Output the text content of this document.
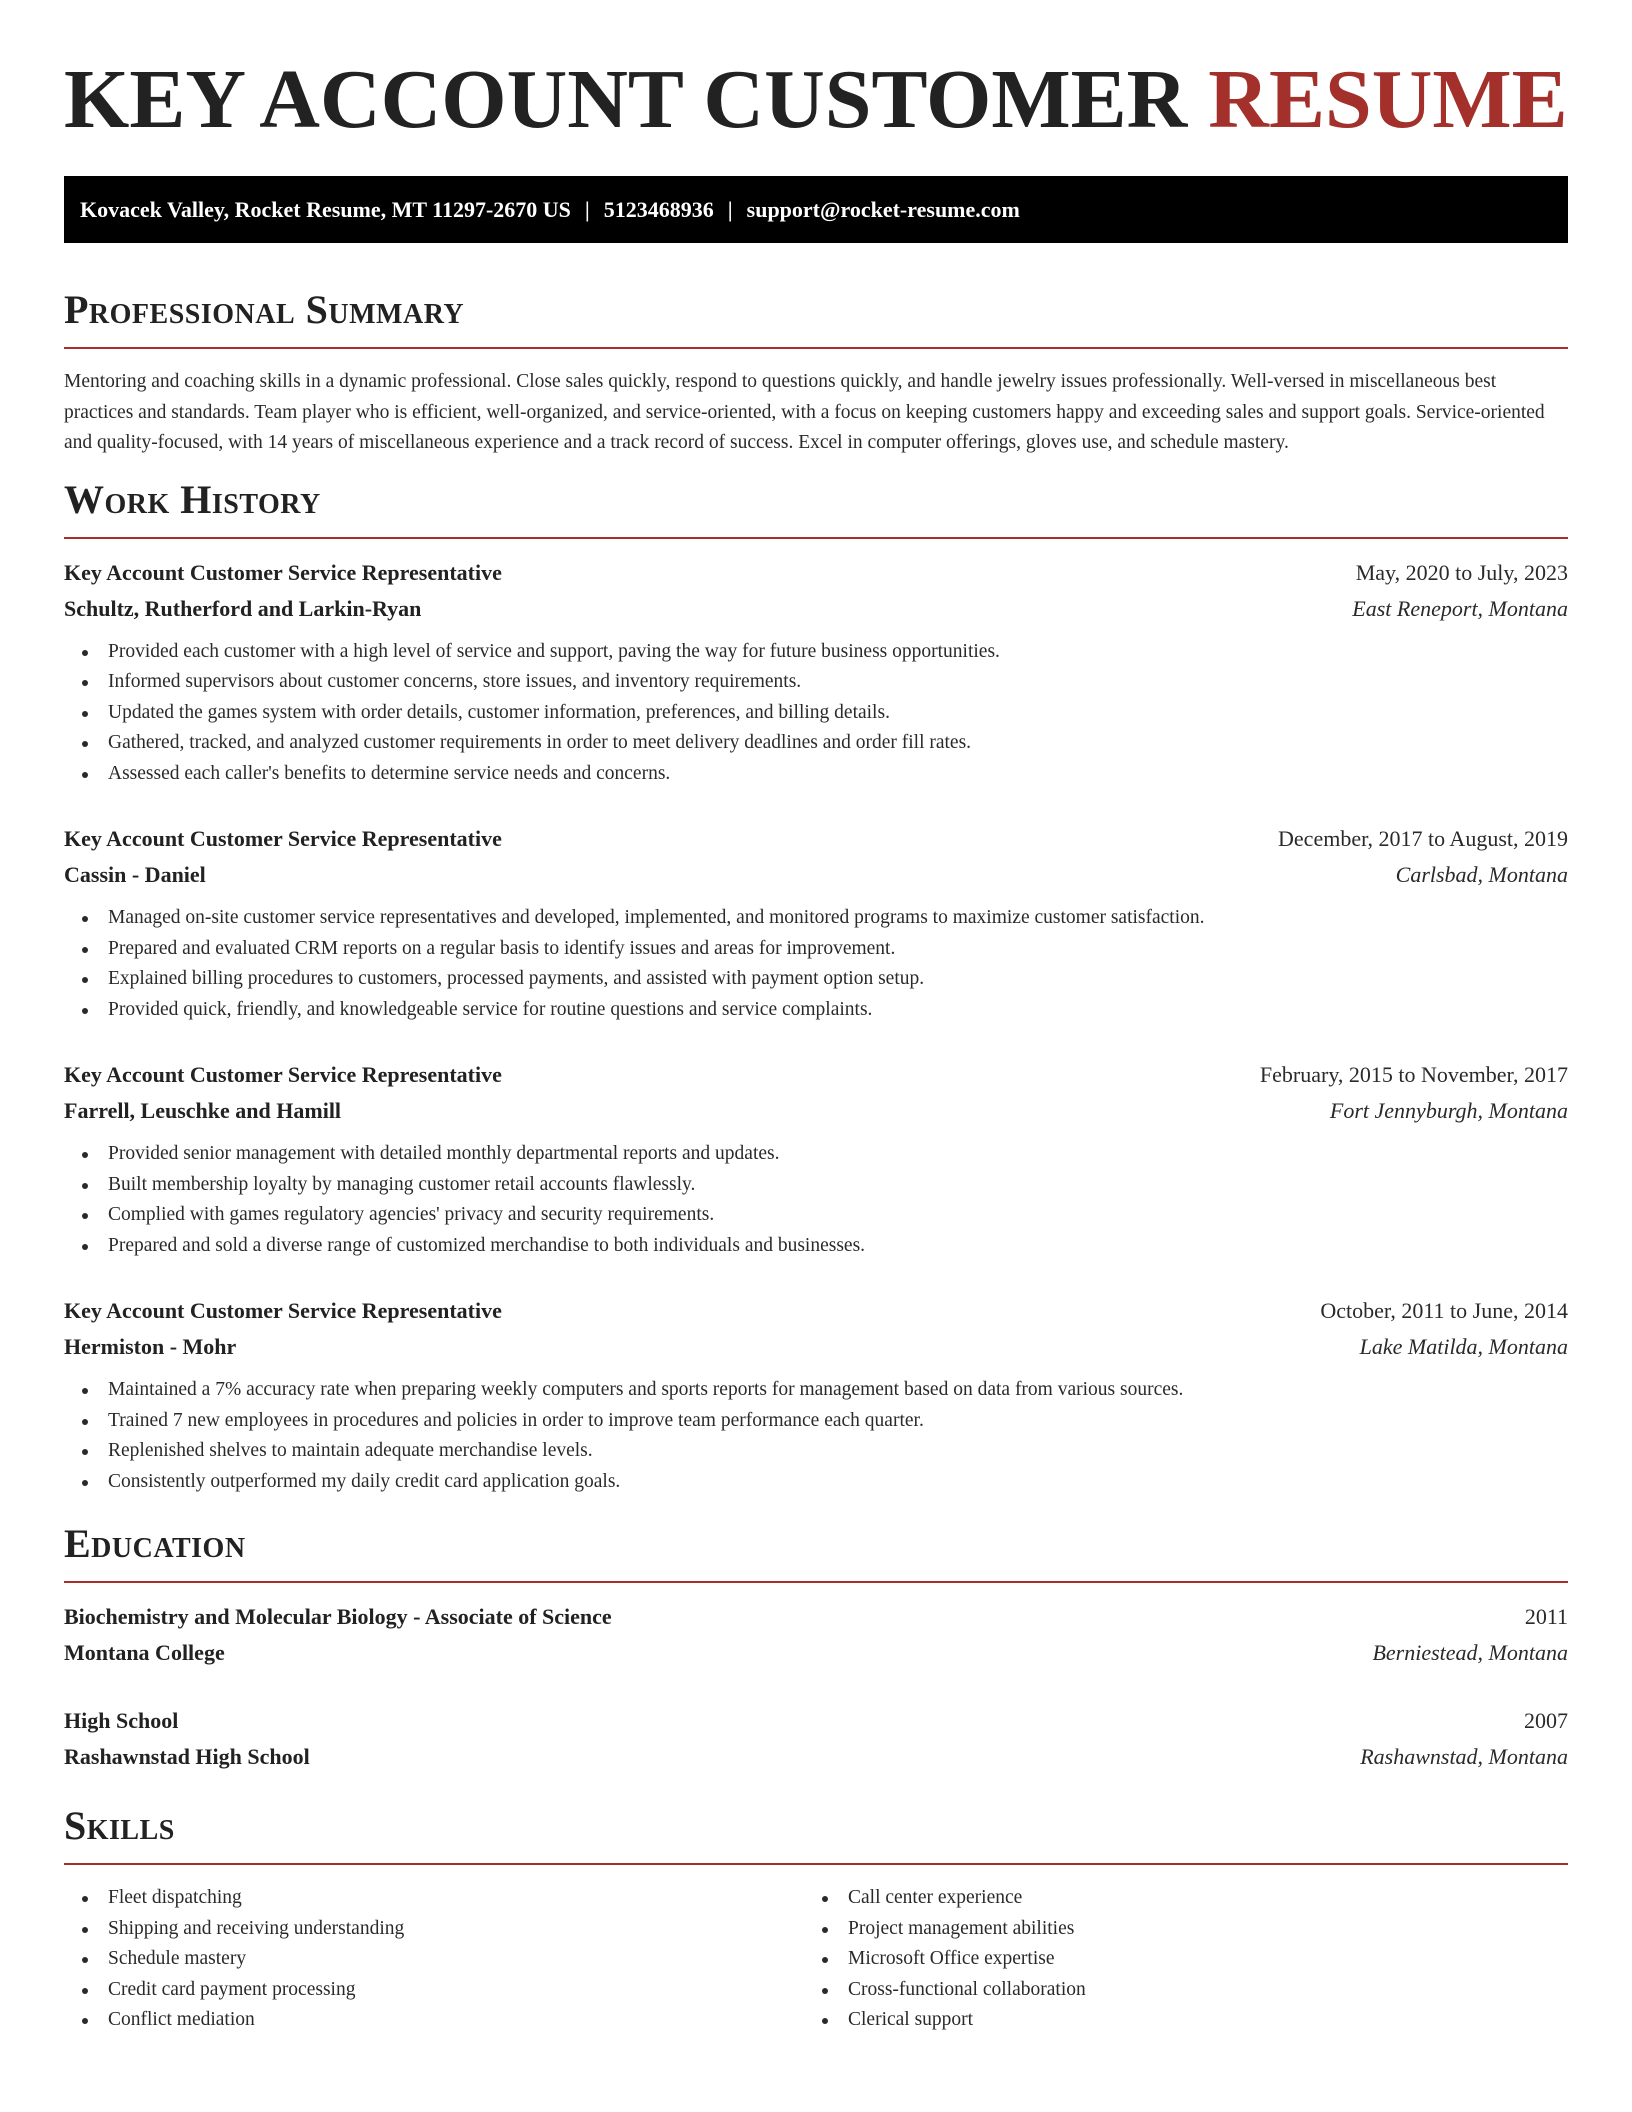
KEY ACCOUNT CUSTOMER RESUME
Kovacek Valley, Rocket Resume, MT 11297-2670 US | 5123468936 | support@rocket-resume.com
Professional Summary

Mentoring and coaching skills in a dynamic professional. Close sales quickly, respond to questions quickly, and handle jewelry issues professionally. Well-versed in miscellaneous best practices and standards. Team player who is efficient, well-organized, and service-oriented, with a focus on keeping customers happy and exceeding sales and support goals. Service-oriented and quality-focused, with 14 years of miscellaneous experience and a track record of success. Excel in computer offerings, gloves use, and schedule mastery.

Work History
Key Account Customer Service Representative	May, 2020 to July, 2023
Schultz, Rutherford and Larkin-Ryan	East Reneport, Montana
Provided each customer with a high level of service and support, paving the way for future business opportunities.
Informed supervisors about customer concerns, store issues, and inventory requirements.
Updated the games system with order details, customer information, preferences, and billing details.
Gathered, tracked, and analyzed customer requirements in order to meet delivery deadlines and order fill rates.
Assessed each caller's benefits to determine service needs and concerns.
Key Account Customer Service Representative	December, 2017 to August, 2019
Cassin - Daniel	Carlsbad, Montana
Managed on-site customer service representatives and developed, implemented, and monitored programs to maximize customer satisfaction.
Prepared and evaluated CRM reports on a regular basis to identify issues and areas for improvement.
Explained billing procedures to customers, processed payments, and assisted with payment option setup.
Provided quick, friendly, and knowledgeable service for routine questions and service complaints.
Key Account Customer Service Representative	February, 2015 to November, 2017
Farrell, Leuschke and Hamill	Fort Jennyburgh, Montana
Provided senior management with detailed monthly departmental reports and updates.
Built membership loyalty by managing customer retail accounts flawlessly.
Complied with games regulatory agencies' privacy and security requirements.
Prepared and sold a diverse range of customized merchandise to both individuals and businesses.
Key Account Customer Service Representative	October, 2011 to June, 2014
Hermiston - Mohr	Lake Matilda, Montana
Maintained a 7% accuracy rate when preparing weekly computers and sports reports for management based on data from various sources.
Trained 7 new employees in procedures and policies in order to improve team performance each quarter.
Replenished shelves to maintain adequate merchandise levels.
Consistently outperformed my daily credit card application goals.
Education
Biochemistry and Molecular Biology - Associate of Science	2011
Montana College	Berniestead, Montana
High School	2007
Rashawnstad High School	Rashawnstad, Montana
Skills
Fleet dispatching
Shipping and receiving understanding
Schedule mastery
Credit card payment processing
Conflict mediation
Call center experience
Project management abilities
Microsoft Office expertise
Cross-functional collaboration
Clerical support
